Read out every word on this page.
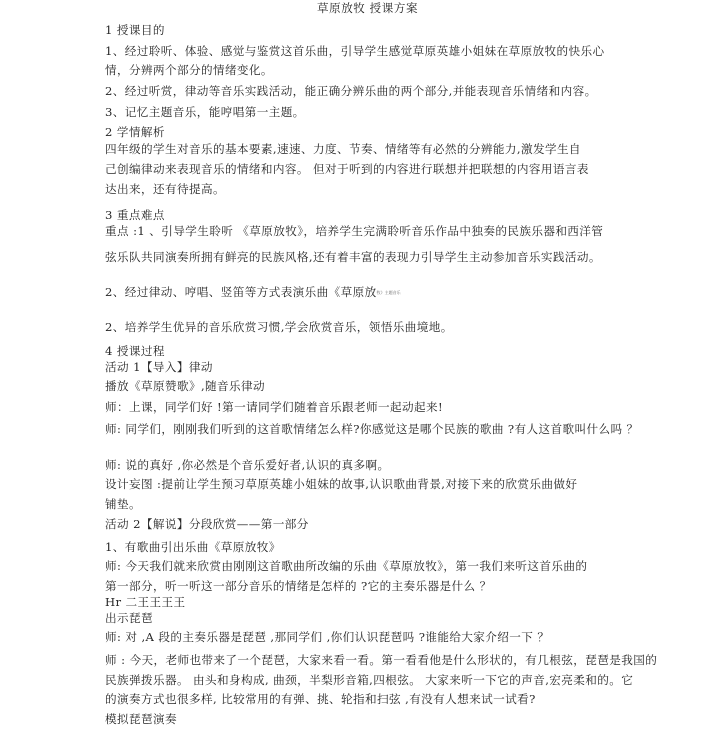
草原放牧 授课方案
1 授课目的
1、经过聆听、体验、感觉与鉴赏这首乐曲，引导学生感觉草原英雄小姐妹在草原放牧的快乐心
情，分辨两个部分的情绪变化。
2、经过听赏，律动等音乐实践活动，能正确分辨乐曲的两个部分,并能表现音乐情绪和内容。
3、记忆主题音乐，能哼唱第一主题。
2 学情解析
四年级的学生对音乐的基本要素,速速、力度、节奏、情绪等有必然的分辨能力,激发学生自
己创编律动来表现音乐的情绪和内容。 但对于听到的内容进行联想并把联想的内容用语言表
达出来，还有待提高。
3 重点难点
重点 :1 、引导学生聆听 《草原放牧》，培养学生完满聆听音乐作品中独奏的民族乐器和西洋管
弦乐队共同演奏所拥有鲜亮的民族风格,还有着丰富的表现力引导学生主动参加音乐实践活动。
2、经过律动、哼唱、竖笛等方式表演乐曲《草原放牧》主题音乐
2、培养学生优异的音乐欣赏习惯,学会欣赏音乐，领悟乐曲境地。
4 授课过程
活动 1【导入】律动
播放《草原赞歌》,随音乐律动
师：上课，同学们好 !第一请同学们随着音乐跟老师一起动起来!
师: 同学们，刚刚我们听到的这首歌情绪怎么样?你感觉这是哪个民族的歌曲 ?有人这首歌叫什么吗 ？
师: 说的真好 ,你必然是个音乐爱好者,认识的真多啊。
设计妄图 :提前让学生预习草原英雄小姐妹的故事,认识歌曲背景,对接下来的欣赏乐曲做好
铺垫。
活动 2【解说】分段欣赏——第一部分
1、有歌曲引出乐曲《草原放牧》
师: 今天我们就来欣赏由刚刚这首歌曲所改编的乐曲《草原放牧》，第一我们来听这首乐曲的
第一部分，听一听这一部分音乐的情绪是怎样的 ?它的主奏乐器是什么 ？
Hr 二王王王王
出示琵琶
师: 对 ,A 段的主奏乐器是琵琶 ,那同学们 ,你们认识琵琶吗 ?谁能给大家介绍一下 ？
师 : 今天，老师也带来了一个琵琶，大家来看一看。第一看看他是什么形状的，有几根弦，琵琶是我国的
民族弹拨乐器。 由头和身构成, 曲颈，半梨形音箱,四根弦。 大家来听一下它的声音,宏亮柔和的。它
的演奏方式也很多样, 比较常用的有弹、挑、轮指和扫弦 ,有没有人想来试一试看?
模拟琵琶演奏
